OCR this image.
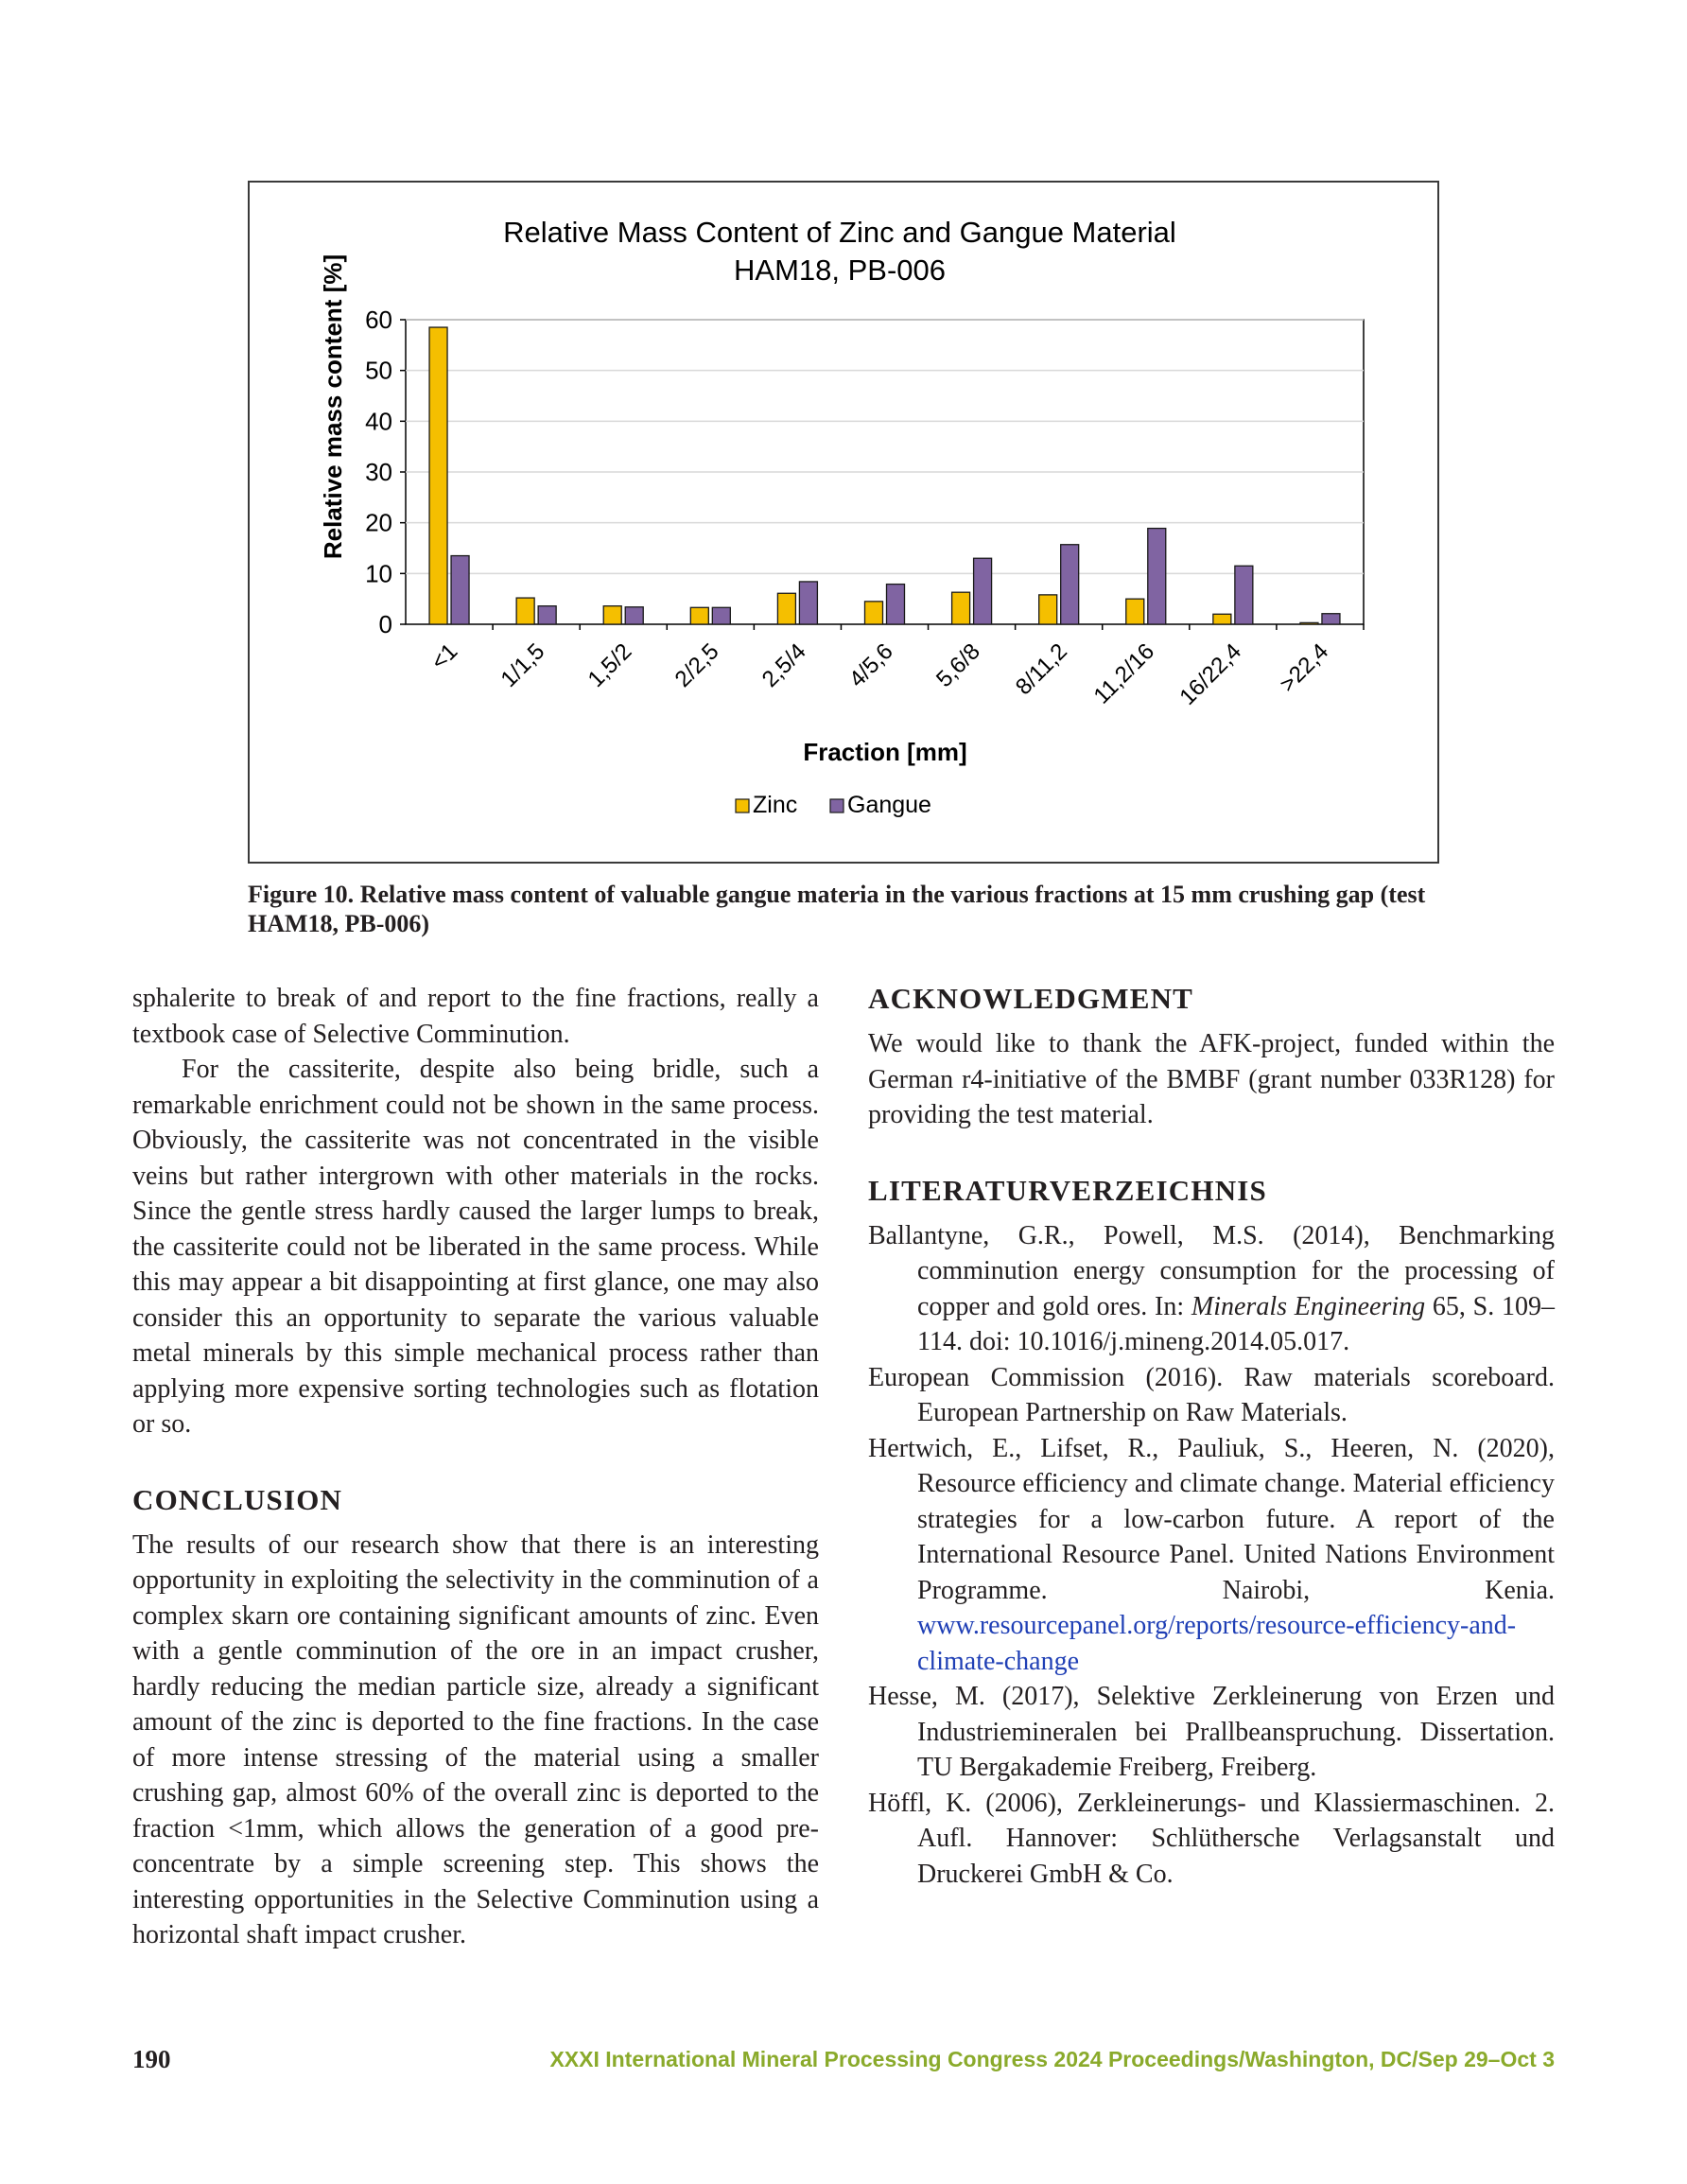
Relative Mass Content of Zinc and Gangue Material
HAM18, PB-006
Relative mass content [%]
Fraction [mm]
0
10
20
30
40
50
60
<1 1/1,5 1,5/2 2/2,5 2,5/4 4/5,6 5,6/8 8/11,2 11,2/16 16/22,4 >22,4
Zinc Gangue
Figure 10. Relative mass content of valuable gangue materia in the various fractions at 15 mm crushing gap (test HAM18, PB-006)

sphalerite to break of and report to the fine fractions, really a textbook case of Selective Comminution.

For the cassiterite, despite also being bridle, such a remarkable enrichment could not be shown in the same process. Obviously, the cassiterite was not concentrated in the visible veins but rather intergrown with other materials in the rocks. Since the gentle stress hardly caused the larger lumps to break, the cassiterite could not be liberated in the same process. While this may appear a bit disappointing at first glance, one may also consider this an opportunity to separate the various valuable metal minerals by this simple mechanical process rather than applying more expensive sorting technologies such as flotation or so.

CONCLUSION

The results of our research show that there is an interesting opportunity in exploiting the selectivity in the comminution of a complex skarn ore containing significant amounts of zinc. Even with a gentle comminution of the ore in an impact crusher, hardly reducing the median particle size, already a significant amount of the zinc is deported to the fine fractions. In the case of more intense stressing of the material using a smaller crushing gap, almost 60% of the overall zinc is deported to the fraction <1mm, which allows the generation of a good pre-concentrate by a simple screening step. This shows the interesting opportunities in the Selective Comminution using a horizontal shaft impact crusher.

ACKNOWLEDGMENT

We would like to thank the AFK-project, funded within the German r4-initiative of the BMBF (grant number 033R128) for providing the test material.

LITERATURVERZEICHNIS

Ballantyne, G.R., Powell, M.S. (2014), Benchmarking comminution energy consumption for the processing of copper and gold ores. In: Minerals Engineering 65, S. 109–114. doi: 10.1016/j.mineng.2014.05.017.

European Commission (2016). Raw materials scoreboard. European Partnership on Raw Materials.

Hertwich, E., Lifset, R., Pauliuk, S., Heeren, N. (2020), Resource efficiency and climate change. Material efficiency strategies for a low-carbon future. A report of the International Resource Panel. United Nations Environment Programme. Nairobi, Kenia. www.resourcepanel.org/reports/resource-efficiency-and-climate-change

Hesse, M. (2017), Selektive Zerkleinerung von Erzen und Industriemineralen bei Prallbeanspruchung. Dissertation. TU Bergakademie Freiberg, Freiberg.

Höffl, K. (2006), Zerkleinerungs- und Klassiermaschinen. 2. Aufl. Hannover: Schlüthersche Verlagsanstalt und Druckerei GmbH & Co.

190	XXXI International Mineral Processing Congress 2024 Proceedings/Washington, DC/Sep 29–Oct 3
